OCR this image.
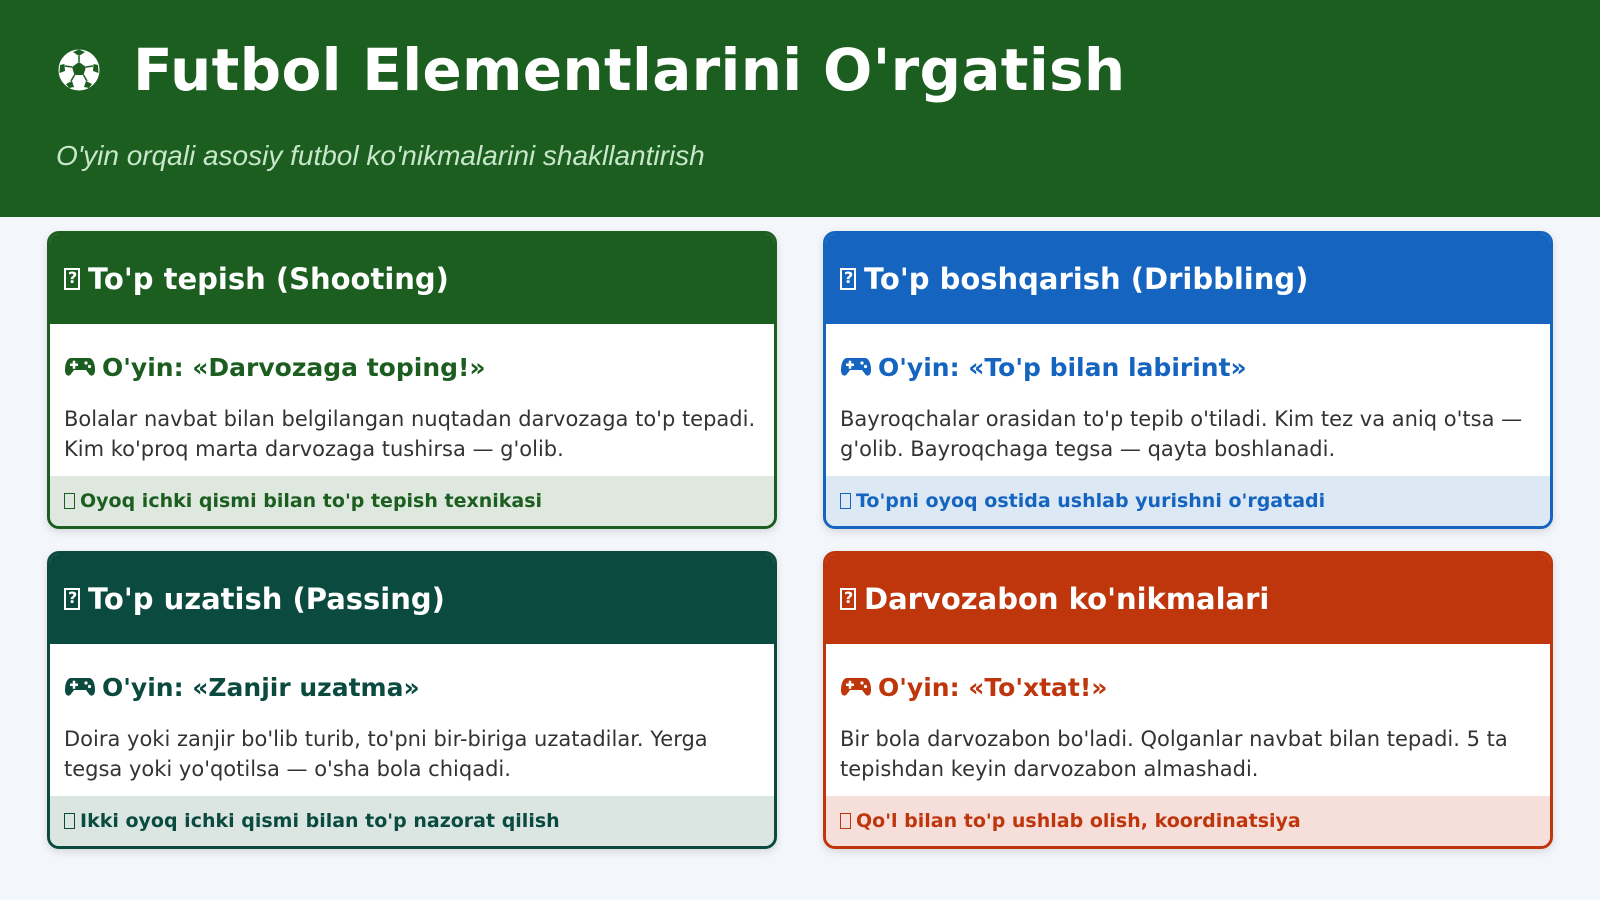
Futbol Elementlarini O'rgatish
O'yin orqali asosiy futbol ko'nikmalarini shakllantirish
?
To'p tepish (Shooting)
O'yin: «Darvozaga toping!»
Bolalar navbat bilan belgilangan nuqtadan darvozaga to'p tepadi. Kim ko'proq marta darvozaga tushirsa — g'olib.
Oyoq ichki qismi bilan to'p tepish texnikasi
?
To'p boshqarish (Dribbling)
O'yin: «To'p bilan labirint»
Bayroqchalar orasidan to'p tepib o'tiladi. Kim tez va aniq o'tsa — g'olib. Bayroqchaga tegsa — qayta boshlanadi.
To'pni oyoq ostida ushlab yurishni o'rgatadi
?
To'p uzatish (Passing)
O'yin: «Zanjir uzatma»
Doira yoki zanjir bo'lib turib, to'pni bir-biriga uzatadilar. Yerga tegsa yoki yo'qotilsa — o'sha bola chiqadi.
Ikki oyoq ichki qismi bilan to'p nazorat qilish
?
Darvozabon ko'nikmalari
O'yin: «To'xtat!»
Bir bola darvozabon bo'ladi. Qolganlar navbat bilan tepadi. 5 ta tepishdan keyin darvozabon almashadi.
Qo'l bilan to'p ushlab olish, koordinatsiya
